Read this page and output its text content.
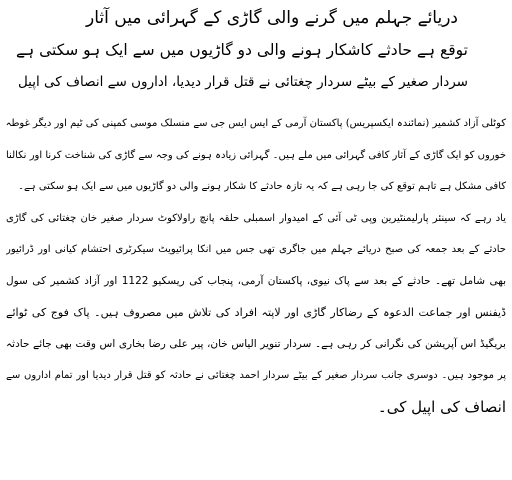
دریائے جہلم میں گرنے والی گاڑی کے گہرائی میں آثار
توقع ہے حادثے کاشکار ہونے والی دو گاڑیوں میں سے ایک ہو سکتی ہے
سردار صغیر کے بیٹے سردار چغتائی نے قتل قرار دیدیا، اداروں سے انصاف کی اپیل
کوٹلی آزاد کشمیر (نمائندہ ایکسپریس) پاکستان آرمی کے ایس ایس جی سے منسلک موسی کمپنی کی ٹیم اور دیگر غوطہ
خوروں کو ایک گاڑی کے آثار کافی گہرائی میں ملے ہیں۔ گہرائی زیادہ ہونے کی وجہ سے گاڑی کی شناخت کرنا اور نکالنا
کافی مشکل ہے تاہم توقع کی جا رہی ہے کہ یہ تازہ حادثے کا شکار ہونے والی دو گاڑیوں میں سے ایک ہو سکتی ہے۔
یاد رہے کہ سینئر پارلیمنٹیرین وپی ٹی آئی کے امیدوار اسمبلی حلقہ پانچ راولاکوٹ سردار صغیر خان چغتائی کی گاڑی
حادثے کے بعد جمعہ کی صبح دریائے جہلم میں جاگری تھی جس میں انکا پرائیویٹ سیکرٹری احتشام کیانی اور ڈرائیور
بھی شامل تھے۔ حادثے کے بعد سے پاک نیوی، پاکستان آرمی، پنجاب کی ریسکیو 1122 اور آزاد کشمیر کی سول
ڈیفنس اور جماعت الدعوہ کے رضاکار گاڑی اور لاپتہ افراد کی تلاش میں مصروف ہیں۔ پاک فوج کی ٹوائے
بریگیڈ اس آپریشن کی نگرانی کر رہی ہے۔ سردار تنویر الیاس خان، پیر علی رضا بخاری اس وقت بھی جائے حادثہ
پر موجود ہیں۔ دوسری جانب سردار صغیر کے بیٹے سردار احمد چغتائی نے حادثہ کو قتل قرار دیدیا اور تمام اداروں سے
انصاف کی اپیل کی۔
